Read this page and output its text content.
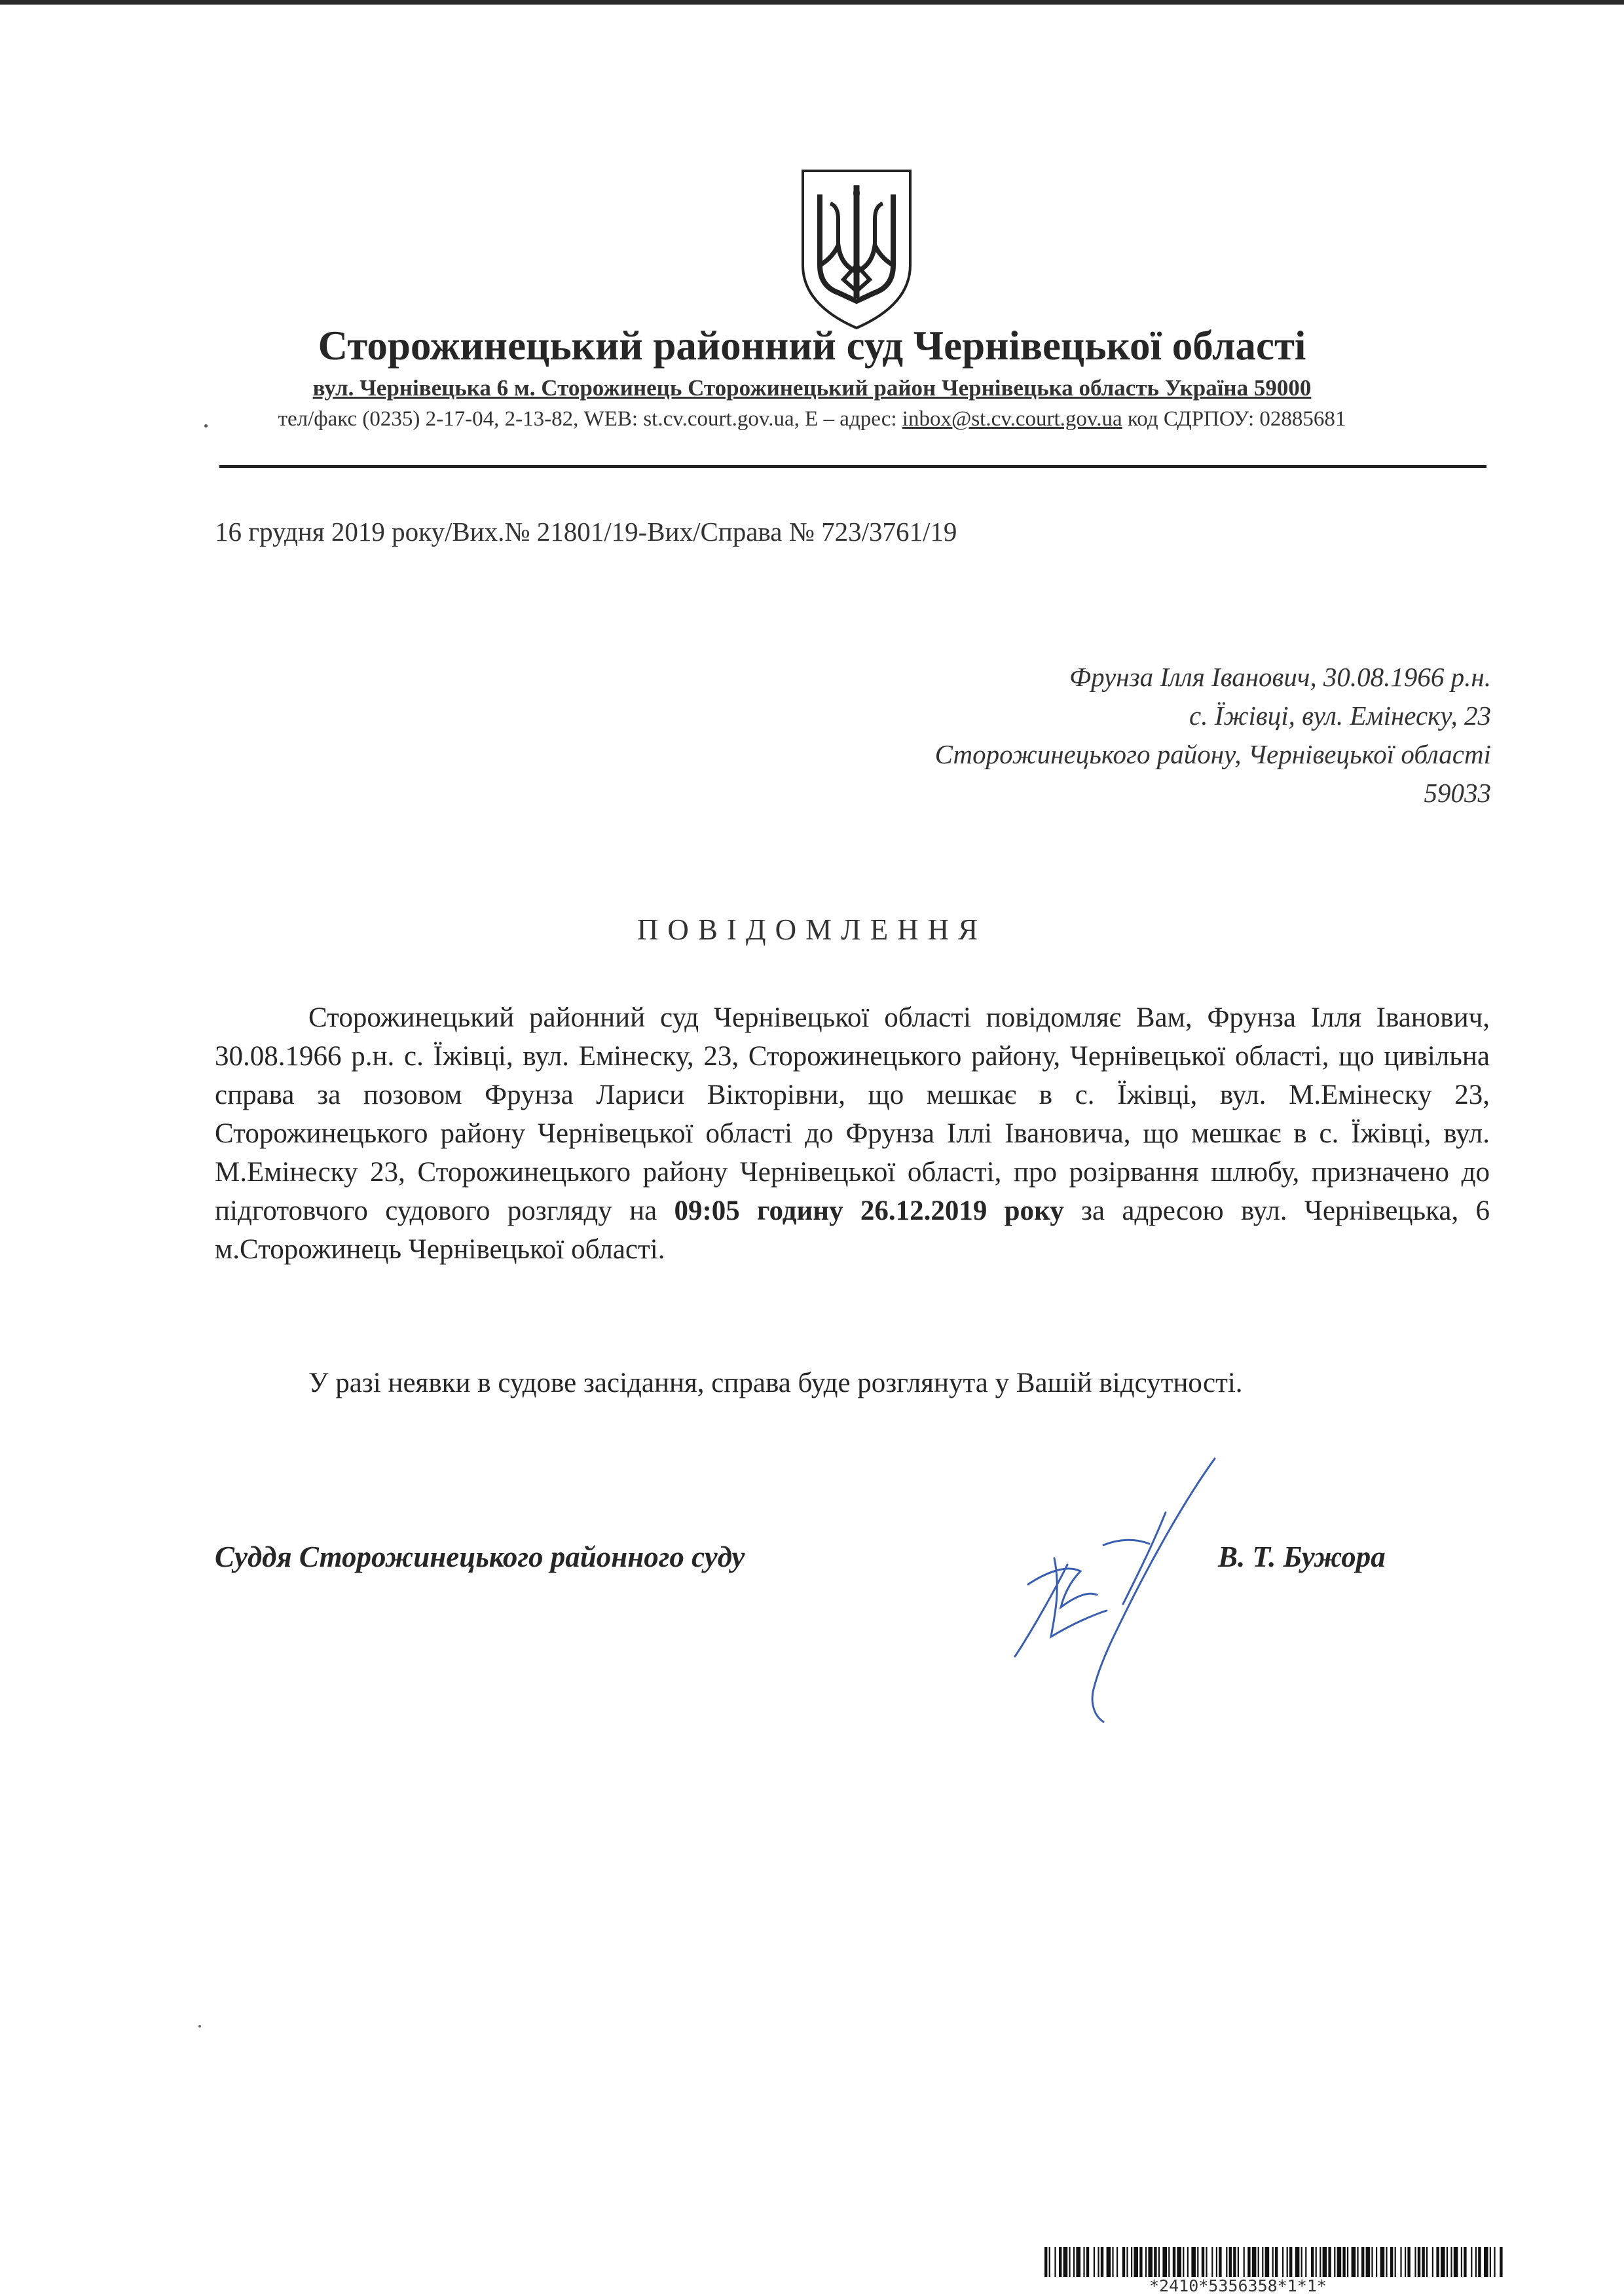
Сторожинецький районний суд Чернівецької області
вул. Чернівецька 6 м. Сторожинець Сторожинецький район Чернівецька область Україна 59000
тел/факс (0235) 2-17-04, 2-13-82, WEB: st.cv.court.gov.ua, E – адрес: inbox@st.cv.court.gov.ua код СДРПОУ: 02885681
16 грудня 2019 року/Вих.№ 21801/19-Вих/Справа № 723/3761/19
Фрунза Ілля Іванович, 30.08.1966 р.н.
с. Їжівці, вул. Емінеску, 23
Сторожинецького району, Чернівецької області
59033
ПОВІДОМЛЕННЯ

Сторожинецький районний суд Чернівецької області повідомляє Вам, Фрунза Ілля Іванович, 30.08.1966 р.н. с. Їжівці, вул. Емінеску, 23, Сторожинецького району, Чернівецької області, що цивільна справа за позовом Фрунза Лариси Вікторівни, що мешкає в с. Їжівці, вул. М.Емінеску 23, Сторожинецького району Чернівецької області до Фрунза Іллі Івановича, що мешкає в с. Їжівці, вул. М.Емінеску 23, Сторожинецького району Чернівецької області, про розірвання шлюбу, призначено до підготовчого судового розгляду на 09:05 годину 26.12.2019 року за адресою вул. Чернівецька, 6 м.Сторожинець Чернівецької області.

У разі неявки в судове засідання, справа буде розглянута у Вашій відсутності.

Суддя Сторожинецького районного суду	В. Т. Бужора
*2410*5356358*1*1*
